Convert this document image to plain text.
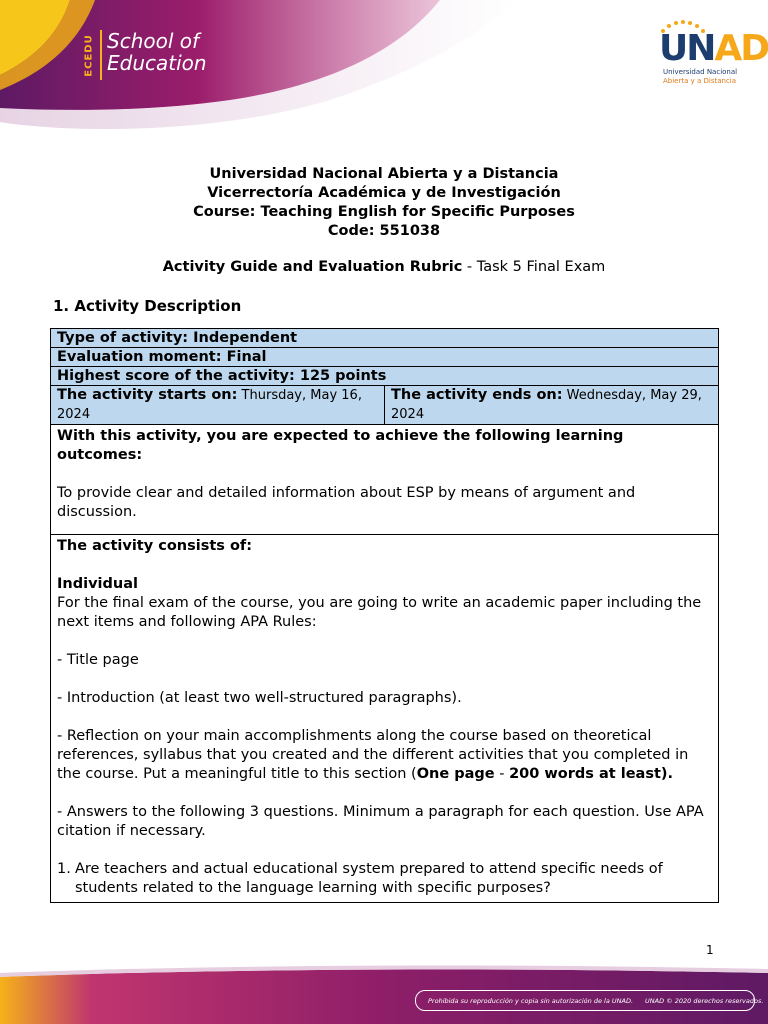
ECEDU School of
Education	UNAD
Universidad Nacional
Abierta y a Distancia
Universidad Nacional Abierta y a Distancia
Vicerrectoría Académica y de Investigación
Course: Teaching English for Specific Purposes
Code: 551038
Activity Guide and Evaluation Rubric - Task 5 Final Exam
1. Activity Description
Type of activity: Independent
Evaluation moment: Final
Highest score of the activity: 125 points
The activity starts on: Thursday, May 16, 2024	The activity ends on: Wednesday, May 29, 2024

With this activity, you are expected to achieve the following learning outcomes:
To provide clear and detailed information about ESP by means of argument and discussion.

The activity consists of:
Individual
For the final exam of the course, you are going to write an academic paper including the next items and following APA Rules:
- Title page
- Introduction (at least two well-structured paragraphs).
- Reflection on your main accomplishments along the course based on theoretical references, syllabus that you created and the different activities that you completed in the course. Put a meaningful title to this section (One page - 200 words at least).
- Answers to the following 3 questions. Minimum a paragraph for each question. Use APA citation if necessary.
1. Are teachers and actual educational system prepared to attend specific needs of students related to the language learning with specific purposes?
1
Prohibida su reproducción y copia sin autorización de la UNAD. UNAD © 2020 derechos reservados.
